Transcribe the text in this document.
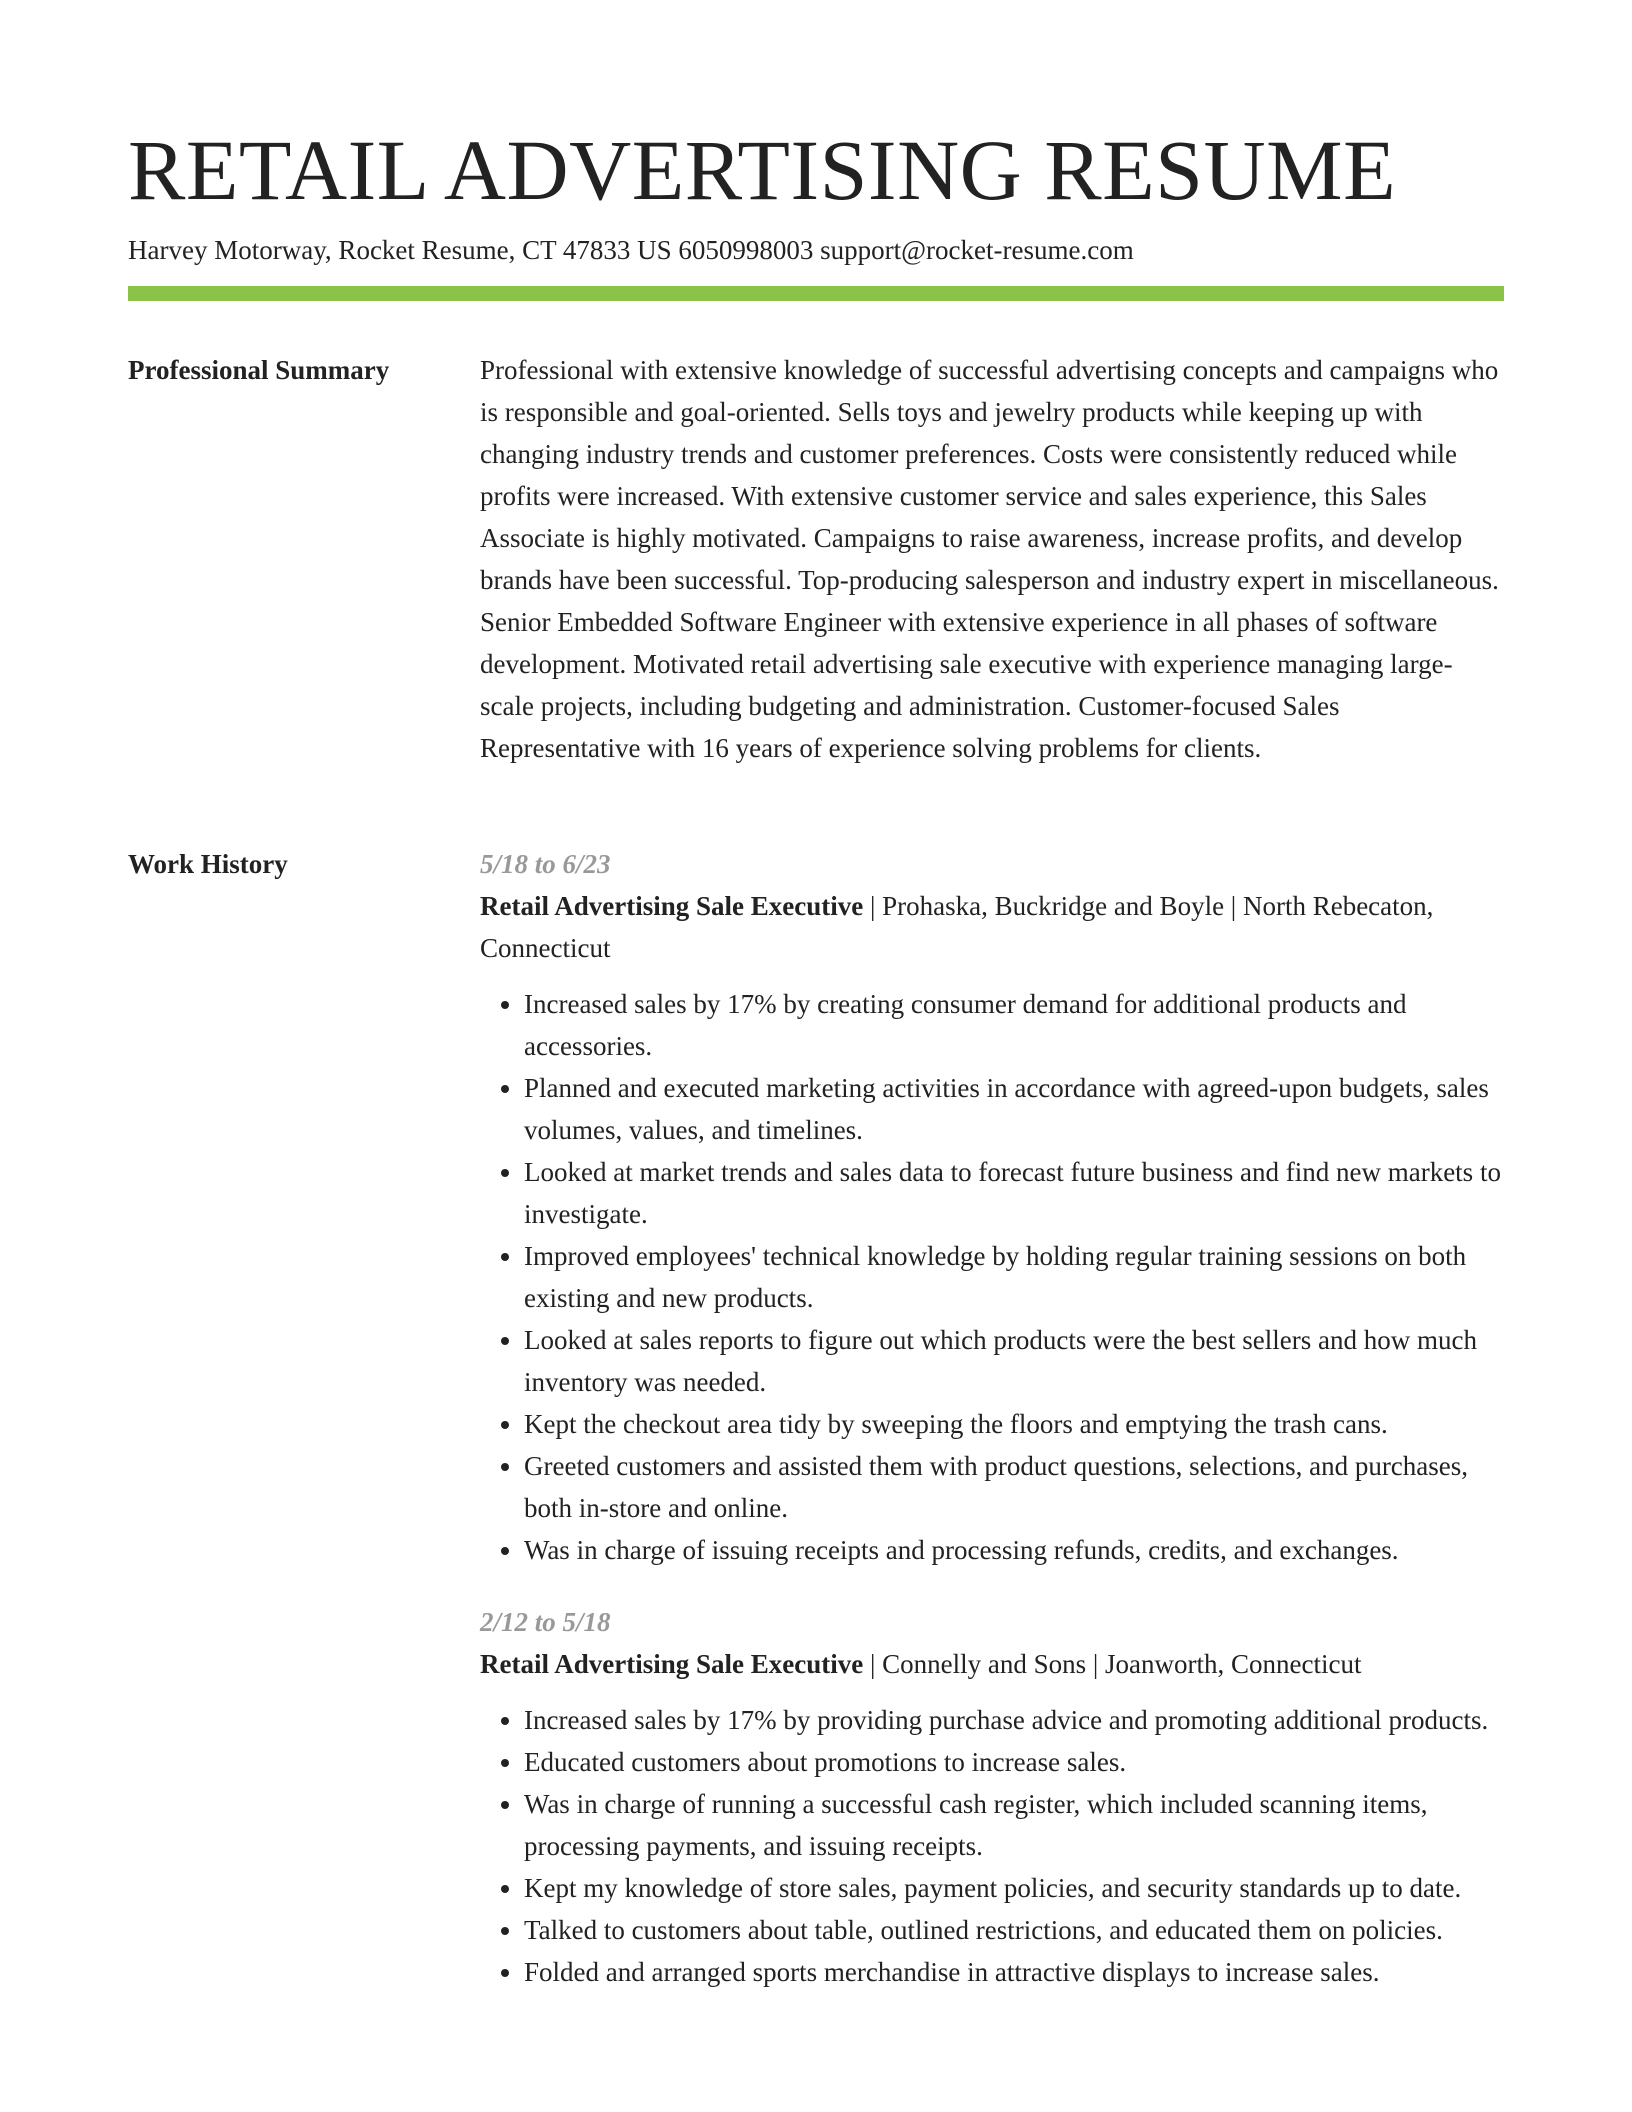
RETAIL ADVERTISING RESUME
Harvey Motorway, Rocket Resume, CT 47833 US 6050998003 support@rocket-resume.com
Professional Summary	Professional with extensive knowledge of successful advertising concepts and campaigns who is responsible and goal-oriented. Sells toys and jewelry products while keeping up with changing industry trends and customer preferences. Costs were consistently reduced while profits were increased. With extensive customer service and sales experience, this Sales Associate is highly motivated. Campaigns to raise awareness, increase profits, and develop brands have been successful. Top-producing salesperson and industry expert in miscellaneous. Senior Embedded Software Engineer with extensive experience in all phases of software development. Motivated retail advertising sale executive with experience managing large-scale projects, including budgeting and administration. Customer-focused Sales Representative with 16 years of experience solving problems for clients.

Work History	5/18 to 6/23
Retail Advertising Sale Executive | Prohaska, Buckridge and Boyle | North Rebecaton, Connecticut
• Increased sales by 17% by creating consumer demand for additional products and accessories.
• Planned and executed marketing activities in accordance with agreed-upon budgets, sales volumes, values, and timelines.
• Looked at market trends and sales data to forecast future business and find new markets to investigate.
• Improved employees' technical knowledge by holding regular training sessions on both existing and new products.
• Looked at sales reports to figure out which products were the best sellers and how much inventory was needed.
• Kept the checkout area tidy by sweeping the floors and emptying the trash cans.
• Greeted customers and assisted them with product questions, selections, and purchases, both in-store and online.
• Was in charge of issuing receipts and processing refunds, credits, and exchanges.
2/12 to 5/18
Retail Advertising Sale Executive | Connelly and Sons | Joanworth, Connecticut
• Increased sales by 17% by providing purchase advice and promoting additional products.
• Educated customers about promotions to increase sales.
• Was in charge of running a successful cash register, which included scanning items, processing payments, and issuing receipts.
• Kept my knowledge of store sales, payment policies, and security standards up to date.
• Talked to customers about table, outlined restrictions, and educated them on policies.
• Folded and arranged sports merchandise in attractive displays to increase sales.
